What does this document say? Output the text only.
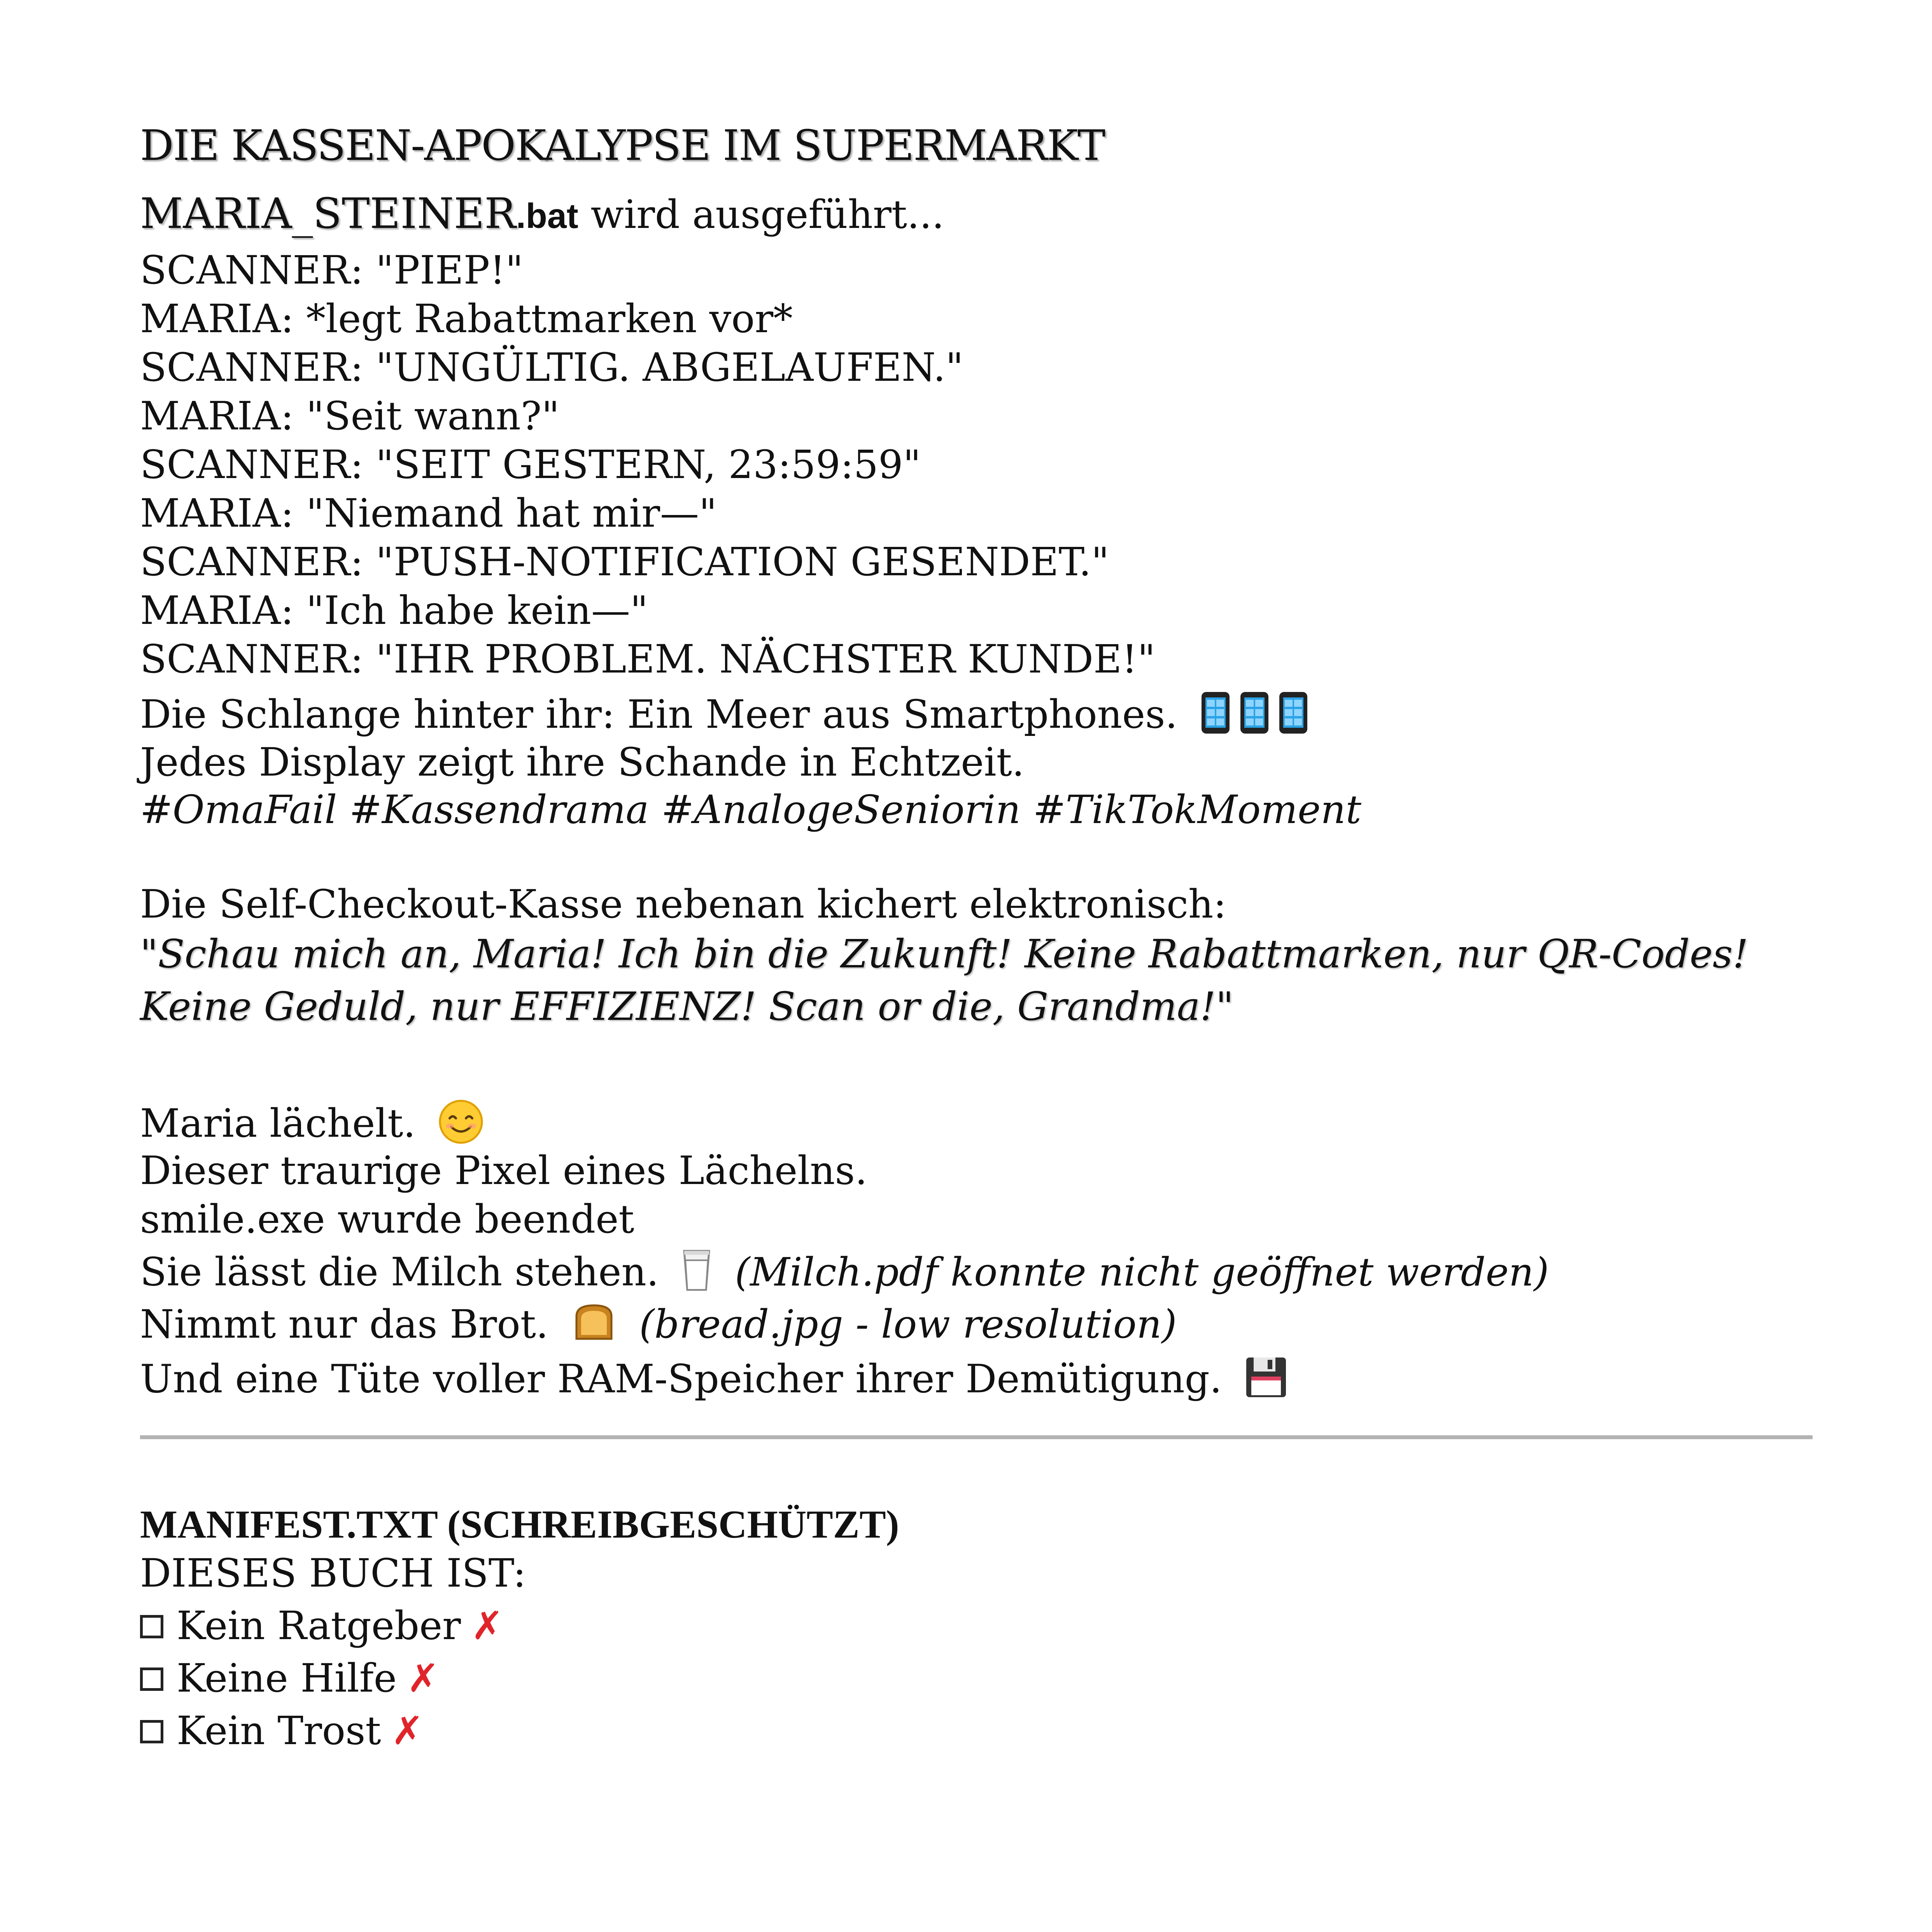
DIE KASSEN-APOKALYPSE IM SUPERMARKT
MARIA_STEINER.bat wird ausgeführt...
SCANNER: "PIEP!"
MARIA: *legt Rabattmarken vor*
SCANNER: "UNGÜLTIG. ABGELAUFEN."
MARIA: "Seit wann?"
SCANNER: "SEIT GESTERN, 23:59:59"
MARIA: "Niemand hat mir—"
SCANNER: "PUSH-NOTIFICATION GESENDET."
MARIA: "Ich habe kein—"
SCANNER: "IHR PROBLEM. NÄCHSTER KUNDE!"
Die Schlange hinter ihr: Ein Meer aus Smartphones.
Jedes Display zeigt ihre Schande in Echtzeit.
#OmaFail #Kassendrama #AnalogeSeniorin #TikTokMoment
Die Self-Checkout-Kasse nebenan kichert elektronisch:
"Schau mich an, Maria! Ich bin die Zukunft! Keine Rabattmarken, nur QR-Codes! Keine Geduld, nur EFFIZIENZ! Scan or die, Grandma!"
Maria lächelt.
Dieser traurige Pixel eines Lächelns.
smile.exe wurde beendet
Sie lässt die Milch stehen. (Milch.pdf konnte nicht geöffnet werden)
Nimmt nur das Brot. (bread.jpg - low resolution)
Und eine Tüte voller RAM-Speicher ihrer Demütigung.
MANIFEST.TXT (SCHREIBGESCHÜTZT)
DIESES BUCH IST:
Kein Ratgeber ✗
Keine Hilfe ✗
Kein Trost ✗
